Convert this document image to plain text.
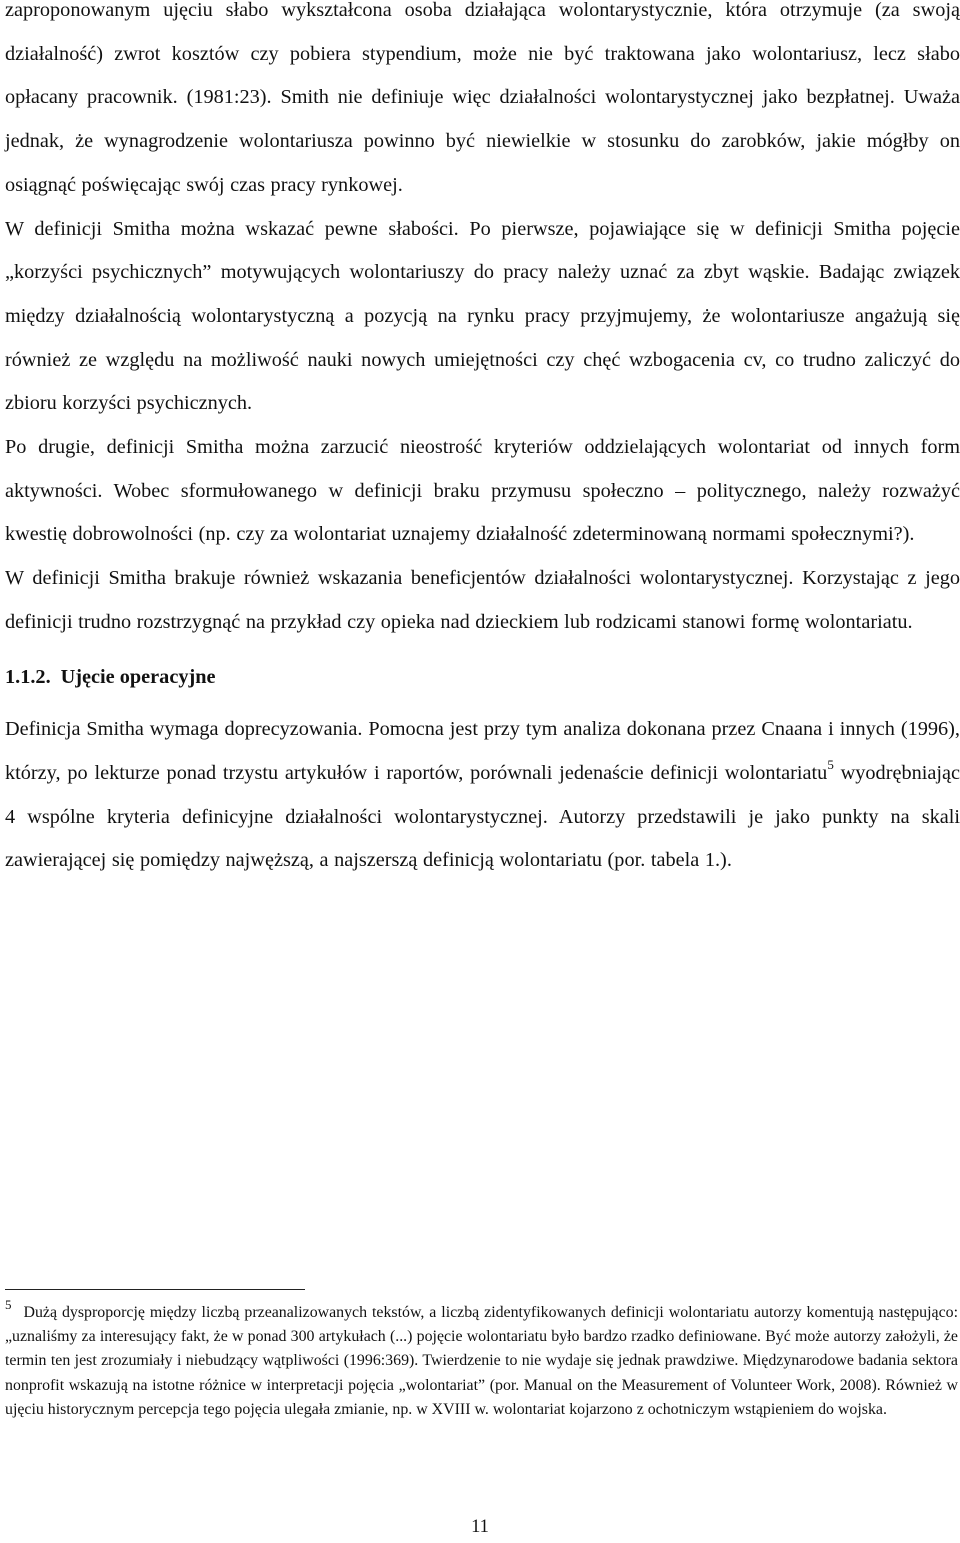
zaproponowanym ujęciu słabo wykształcona osoba działająca wolontarystycznie, która otrzymuje (za swoją działalność) zwrot kosztów czy pobiera stypendium, może nie być traktowana jako wolontariusz, lecz słabo opłacany pracownik. (1981:23). Smith nie definiuje więc działalności wolontarystycznej jako bezpłatnej. Uważa jednak, że wynagrodzenie wolontariusza powinno być niewielkie w stosunku do zarobków, jakie mógłby on osiągnąć poświęcając swój czas pracy rynkowej.

W definicji Smitha można wskazać pewne słabości. Po pierwsze, pojawiające się w definicji Smitha pojęcie „korzyści psychicznych” motywujących wolontariuszy do pracy należy uznać za zbyt wąskie. Badając związek między działalnością wolontarystyczną a pozycją na rynku pracy przyjmujemy, że wolontariusze angażują się również ze względu na możliwość nauki nowych umiejętności czy chęć wzbogacenia cv, co trudno zaliczyć do zbioru korzyści psychicznych.

Po drugie, definicji Smitha można zarzucić nieostrość kryteriów oddzielających wolontariat od innych form aktywności. Wobec sformułowanego w definicji braku przymusu społeczno – politycznego, należy rozważyć kwestię dobrowolności (np. czy za wolontariat uznajemy działalność zdeterminowaną normami społecznymi?).

W definicji Smitha brakuje również wskazania beneficjentów działalności wolontarystycznej. Korzystając z jego definicji trudno rozstrzygnąć na przykład czy opieka nad dzieckiem lub rodzicami stanowi formę wolontariatu.

1.1.2. Ujęcie operacyjne

Definicja Smitha wymaga doprecyzowania. Pomocna jest przy tym analiza dokonana przez Cnaana i innych (1996), którzy, po lekturze ponad trzystu artykułów i raportów, porównali jedenaście definicji wolontariatu$^5$ wyodrębniając 4 wspólne kryteria definicyjne działalności wolontarystycznej. Autorzy przedstawili je jako punkty na skali zawierającej się pomiędzy najwęższą, a najszerszą definicją wolontariatu (por. tabela 1.).

$^5$ Dużą dysproporcję między liczbą przeanalizowanych tekstów, a liczbą zidentyfikowanych definicji wolontariatu autorzy komentują następująco: „uznaliśmy za interesujący fakt, że w ponad 300 artykułach (...) pojęcie wolontariatu było bardzo rzadko definiowane. Być może autorzy założyli, że termin ten jest zrozumiały i niebudzący wątpliwości (1996:369). Twierdzenie to nie wydaje się jednak prawdziwe. Międzynarodowe badania sektora nonprofit wskazują na istotne różnice w interpretacji pojęcia „wolontariat” (por. Manual on the Measurement of Volunteer Work, 2008). Również w ujęciu historycznym percepcja tego pojęcia ulegała zmianie, np. w XVIII w. wolontariat kojarzono z ochotniczym wstąpieniem do wojska.

11
